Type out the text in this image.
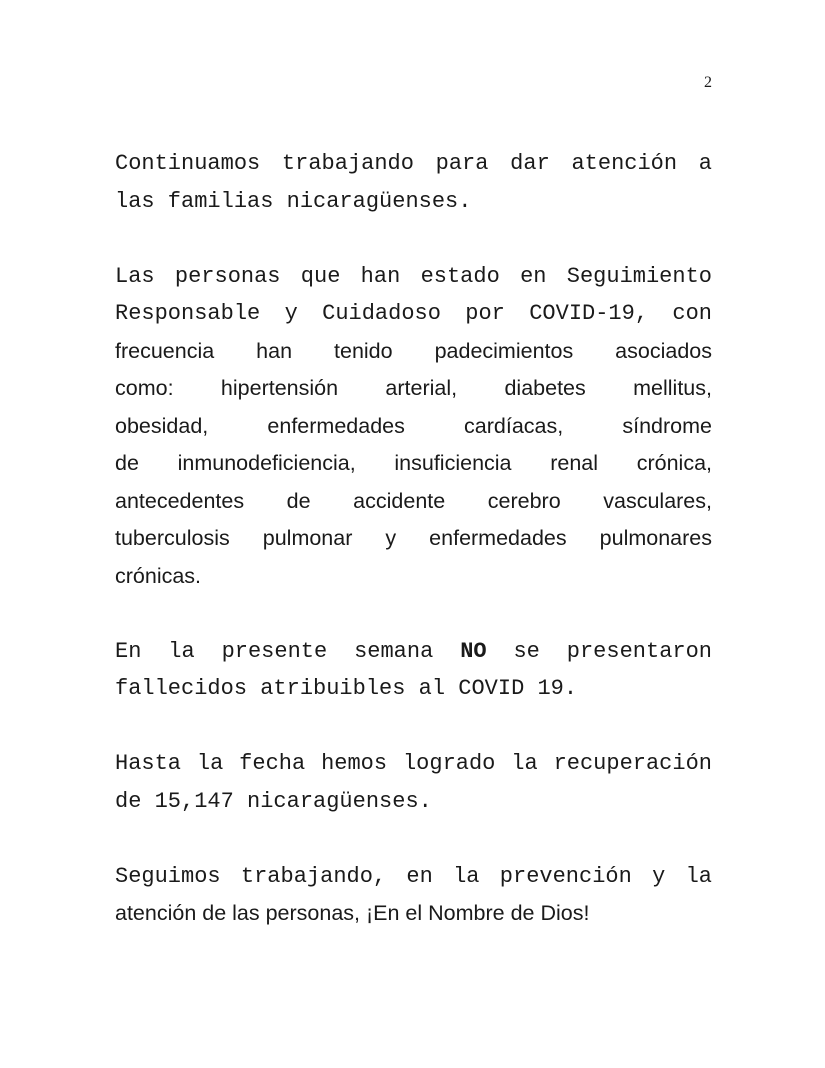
2

Continuamos trabajando para dar atención a
las familias nicaragüenses.

Las personas que han estado en Seguimiento
Responsable y Cuidadoso por COVID-19, con
frecuencia han tenido padecimientos asociados
como: hipertensión arterial, diabetes mellitus,
obesidad, enfermedades cardíacas, síndrome
de inmunodeficiencia, insuficiencia renal crónica,
antecedentes de accidente cerebro vasculares,
tuberculosis pulmonar y enfermedades pulmonares
crónicas.

En la presente semana NO se presentaron
fallecidos atribuibles al COVID 19.

Hasta la fecha hemos logrado la recuperación
de 15,147 nicaragüenses.

Seguimos trabajando, en la prevención y la
atención de las personas, ¡En el Nombre de Dios!
